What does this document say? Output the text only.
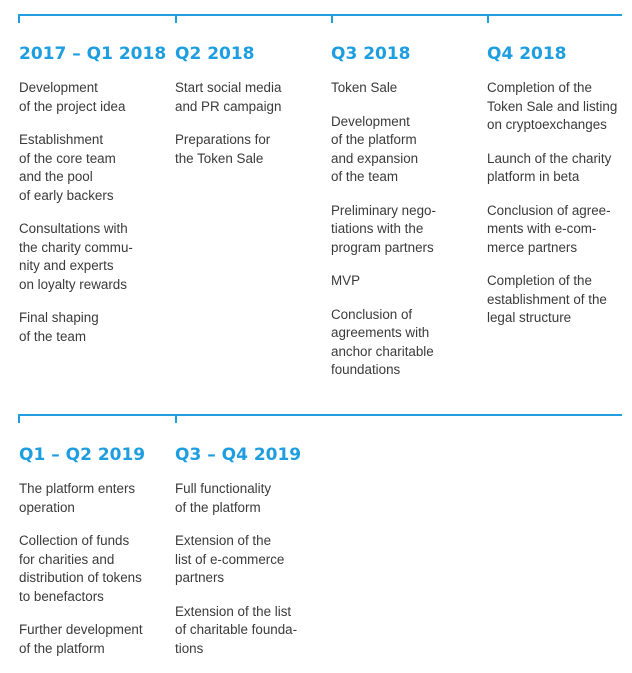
2017 – Q1 2018
Development
of the project idea
Establishment
of the core team
and the pool
of early backers
Consultations with
the charity commu-
nity and experts
on loyalty rewards
Final shaping
of the team
Q2 2018
Start social media
and PR campaign
Preparations for
the Token Sale
Q3 2018
Token Sale
Development
of the platform
and expansion
of the team
Preliminary nego-
tiations with the
program partners
MVP
Conclusion of
agreements with
anchor charitable
foundations
Q4 2018
Completion of the
Token Sale and listing
on cryptoexchanges
Launch of the charity
platform in beta
Conclusion of agree-
ments with e-com-
merce partners
Completion of the
establishment of the
legal structure
Q1 – Q2 2019
The platform enters
operation
Collection of funds
for charities and
distribution of tokens
to benefactors
Further development
of the platform
Q3 – Q4 2019
Full functionality
of the platform
Extension of the
list of e-commerce
partners
Extension of the list
of charitable founda-
tions
